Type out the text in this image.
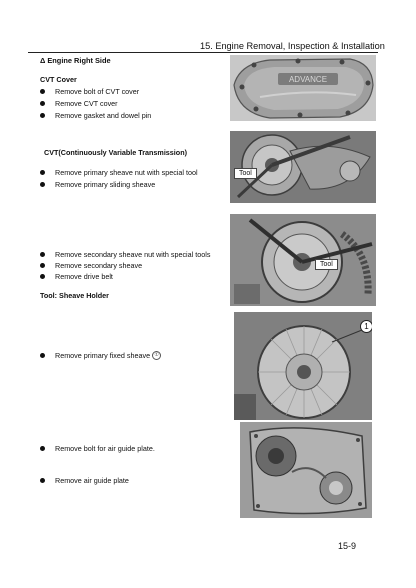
15. Engine Removal, Inspection & Installation
Δ Engine Right Side
CVT Cover
Remove bolt of CVT cover
Remove CVT cover
Remove gasket and dowel pin
CVT(Continuously Variable Transmission)
Remove primary sheave nut with special tool
Remove primary sliding sheave
Remove secondary sheave nut with special tools
Remove secondary sheave
Remove drive belt
Tool: Sheave Holder
Remove primary fixed sheave ①
Remove bolt for air guide plate.
Remove air guide plate
ADVANCE
Tool
Tool
1
15-9
